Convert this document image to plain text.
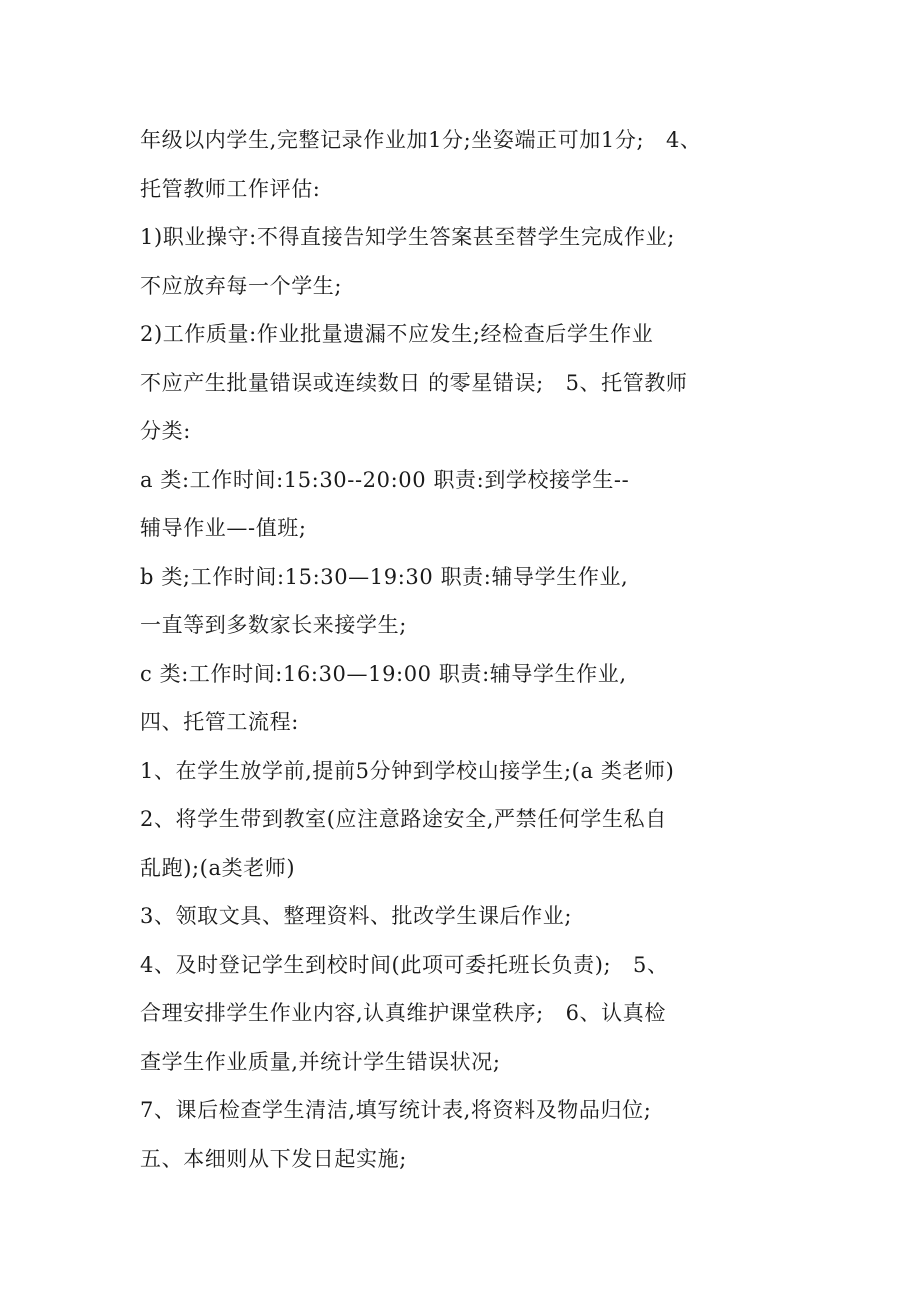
年级以内学生,完整记录作业加1分;坐姿端正可加1分;   4、
托管教师工作评估:
1)职业操守:不得直接告知学生答案甚至替学生完成作业;
不应放弃每一个学生;
2)工作质量:作业批量遗漏不应发生;经检查后学生作业
不应产生批量错误或连续数日 的零星错误;   5、托管教师
分类:
a 类:工作时间:15:30--20:00 职责:到学校接学生--
辅导作业—-值班;
b 类;工作时间:15:30—19:30 职责:辅导学生作业,
一直等到多数家长来接学生;
c 类:工作时间:16:30—19:00 职责:辅导学生作业,
四、托管工流程:
1、在学生放学前,提前5分钟到学校山接学生;(a 类老师)
2、将学生带到教室(应注意路途安全,严禁任何学生私自
乱跑);(a类老师)
3、领取文具、整理资料、批改学生课后作业;
4、及时登记学生到校时间(此项可委托班长负责);   5、
合理安排学生作业内容,认真维护课堂秩序;   6、认真检
查学生作业质量,并统计学生错误状况;
7、课后检查学生清洁,填写统计表,将资料及物品归位;
五、本细则从下发日起实施;
